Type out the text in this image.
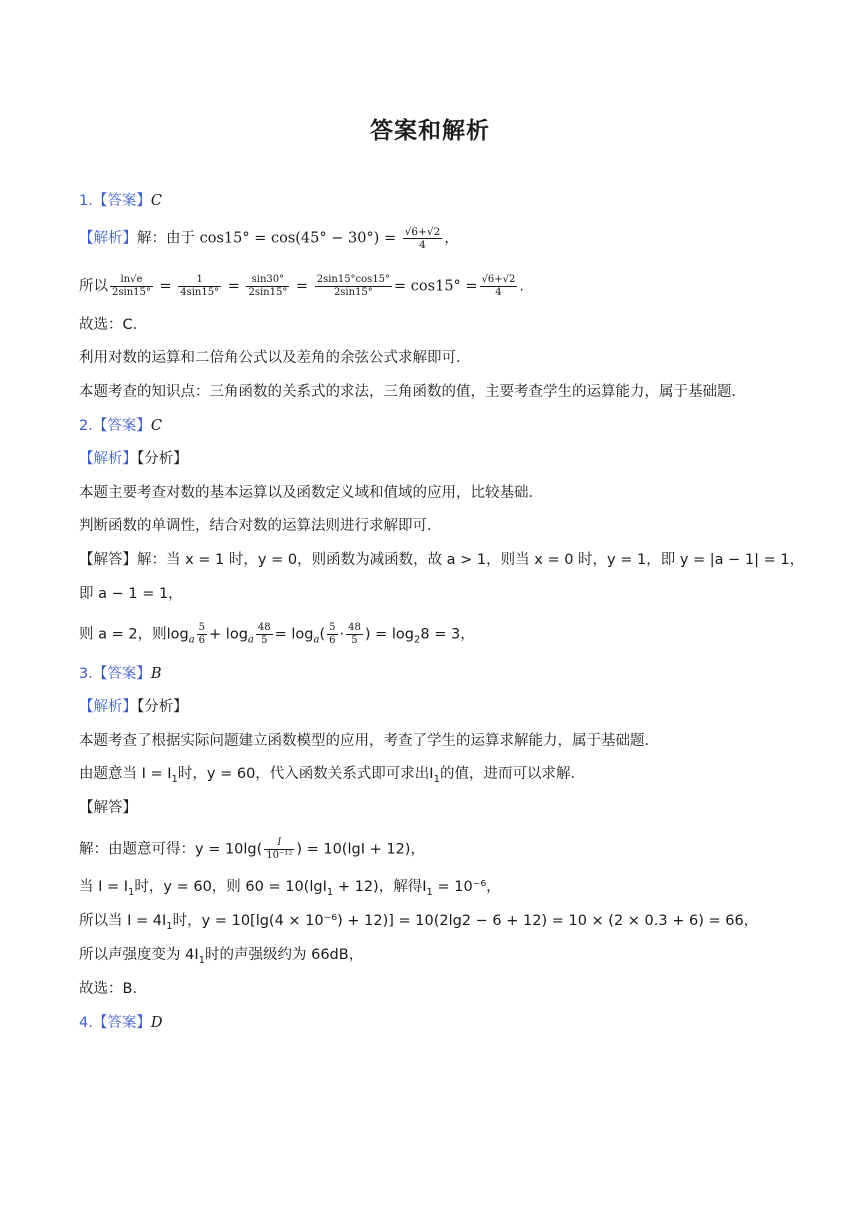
答案和解析
1.【答案】C
【解析】解：由于 $\cos 15^\circ = \cos(45^\circ - 30^\circ) = \frac{√6+√2}{4}$ ，
所以 $\frac{\ln√e}{2\sin 15^\circ} = \frac{1}{4\sin 15^\circ} = \frac{\sin 30^\circ}{2\sin 15^\circ} = \frac{2\sin 15^\circ\cos 15^\circ}{2\sin 15^\circ} = \cos 15^\circ = \frac{√6+√2}{4}$ .
故选：C．
利用对数的运算和二倍角公式以及差角的余弦公式求解即可．
本题考查的知识点：三角函数的关系式的求法，三角函数的值，主要考查学生的运算能力，属于基础题．
2.【答案】C
【解析】【分析】
本题主要考查对数的基本运算以及函数定义域和值域的应用，比较基础．
判断函数的单调性，结合对数的运算法则进行求解即可．
【解答】解：当 x = 1 时，y = 0，则函数为减函数，故 a > 1，则当 x = 0 时，y = 1，即 y = |a − 1| = 1，
即 a − 1 = 1，
则 a = 2，则$\log_a \frac{5}{6} + \log_a \frac{48}{5} = \log_a( \frac{5}{6} \cdot \frac{48}{5}$ ) = $\log_28 = 3$，
3.【答案】B
【解析】【分析】
本题考查了根据实际问题建立函数模型的应用，考查了学生的运算求解能力，属于基础题．
由题意当 $I = I_1$时，y = 60，代入函数关系式即可求出$I_1$的值，进而可以求解．
【解答】
解：由题意可得：$y = 10\lg( \frac{I}{\text{10⁻¹²}}$ ) = 10(lgI + 12)，
当 $I = I_1$时，y = 60，则 60 = 10(lgI$_1$ + 12)，解得$I_1 = 10^{-6}$，
所以当 $I = 4I_1$时，y = 10[lg(4 × 10⁻⁶) + 12)] = 10(2lg2 − 6 + 12) = 10 × (2 × 0.3 + 6) = 66，
所以声强度变为 $4I_1$时的声强级约为 66dB，
故选：B．
4.【答案】D
